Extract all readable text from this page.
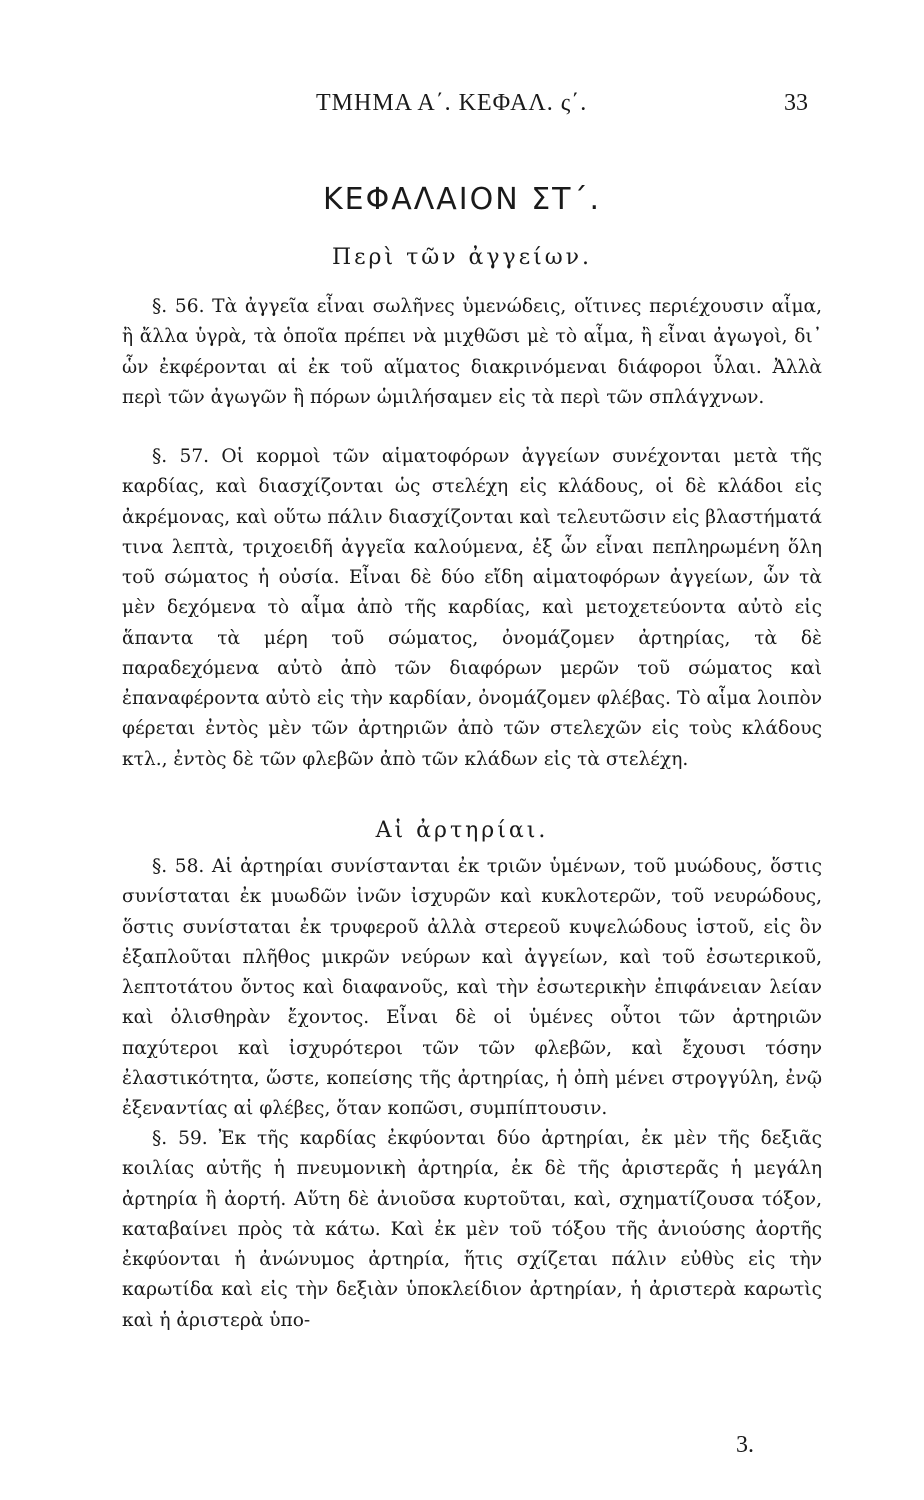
ΤΜΗΜΑ Α΄. ΚΕΦΑΛ. ς΄.	33
ΚΕΦΑΛΑΙΟΝ ΣΤ΄.
Περὶ τῶν ἀγγείων.

§. 56. Τὰ ἀγγεῖα εἶναι σωλῆνες ὑμενώδεις, οἵτινες περιέχουσιν αἷμα, ἢ ἄλλα ὑγρὰ, τὰ ὁποῖα πρέπει νὰ μιχθῶσι μὲ τὸ αἷμα, ἢ εἶναι ἀγωγοὶ, δι᾽ ὧν ἐκφέρονται αἱ ἐκ τοῦ αἵματος διακρινόμεναι διάφοροι ὗλαι. Ἀλλὰ περὶ τῶν ἀγωγῶν ἢ πόρων ὡμιλήσαμεν εἰς τὰ περὶ τῶν σπλάγχνων.

§. 57. Οἱ κορμοὶ τῶν αἱματοφόρων ἀγγείων συνέχονται μετὰ τῆς καρδίας, καὶ διασχίζονται ὡς στελέχη εἰς κλάδους, οἱ δὲ κλάδοι εἰς ἀκρέμονας, καὶ οὕτω πάλιν διασχίζονται καὶ τελευτῶσιν εἰς βλαστήματά τινα λεπτὰ, τριχοειδῆ ἀγγεῖα καλούμενα, ἐξ ὧν εἶναι πεπληρωμένη ὅλη τοῦ σώματος ἡ οὐσία. Εἶναι δὲ δύο εἴδη αἱματοφόρων ἀγγείων, ὧν τὰ μὲν δεχόμενα τὸ αἷμα ἀπὸ τῆς καρδίας, καὶ μετοχετεύοντα αὐτὸ εἰς ἅπαντα τὰ μέρη τοῦ σώματος, ὀνομάζομεν ἀρτηρίας, τὰ δὲ παραδεχόμενα αὐτὸ ἀπὸ τῶν διαφόρων μερῶν τοῦ σώματος καὶ ἐπαναφέροντα αὐτὸ εἰς τὴν καρδίαν, ὀνομάζομεν φλέβας. Τὸ αἷμα λοιπὸν φέρεται ἐντὸς μὲν τῶν ἀρτηριῶν ἀπὸ τῶν στελεχῶν εἰς τοὺς κλάδους κτλ., ἐντὸς δὲ τῶν φλεβῶν ἀπὸ τῶν κλάδων εἰς τὰ στελέχη.

Αἱ ἀρτηρίαι.

§. 58. Αἱ ἀρτηρίαι συνίστανται ἐκ τριῶν ὑμένων, τοῦ μυώδους, ὅστις συνίσταται ἐκ μυωδῶν ἰνῶν ἰσχυρῶν καὶ κυκλοτερῶν, τοῦ νευρώδους, ὅστις συνίσταται ἐκ τρυφεροῦ ἀλλὰ στερεοῦ κυψελώδους ἱστοῦ, εἰς ὃν ἐξαπλοῦται πλῆθος μικρῶν νεύρων καὶ ἀγγείων, καὶ τοῦ ἐσωτερικοῦ, λεπτοτάτου ὄντος καὶ διαφανοῦς, καὶ τὴν ἐσωτερικὴν ἐπιφάνειαν λείαν καὶ ὀλισθηρὰν ἔχοντος. Εἶναι δὲ οἱ ὑμένες οὗτοι τῶν ἀρτηριῶν παχύτεροι καὶ ἰσχυρότεροι τῶν τῶν φλεβῶν, καὶ ἔχουσι τόσην ἐλαστικότητα, ὥστε, κοπείσης τῆς ἀρτηρίας, ἡ ὀπὴ μένει στρογγύλη, ἐνῷ ἐξεναντίας αἱ φλέβες, ὅταν κοπῶσι, συμπίπτουσιν.

§. 59. Ἐκ τῆς καρδίας ἐκφύονται δύο ἀρτηρίαι, ἐκ μὲν τῆς δεξιᾶς κοιλίας αὐτῆς ἡ πνευμονικὴ ἀρτηρία, ἐκ δὲ τῆς ἀριστερᾶς ἡ μεγάλη ἀρτηρία ἢ ἀορτή. Αὕτη δὲ ἀνιοῦσα κυρτοῦται, καὶ, σχηματίζουσα τόξον, καταβαίνει πρὸς τὰ κάτω. Καὶ ἐκ μὲν τοῦ τόξου τῆς ἀνιούσης ἀορτῆς ἐκφύονται ἡ ἀνώνυμος ἀρτηρία, ἥτις σχίζεται πάλιν εὐθὺς εἰς τὴν καρωτίδα καὶ εἰς τὴν δεξιὰν ὑποκλείδιον ἀρτηρίαν, ἡ ἀριστερὰ καρωτὶς καὶ ἡ ἀριστερὰ ὑπο-

3.
